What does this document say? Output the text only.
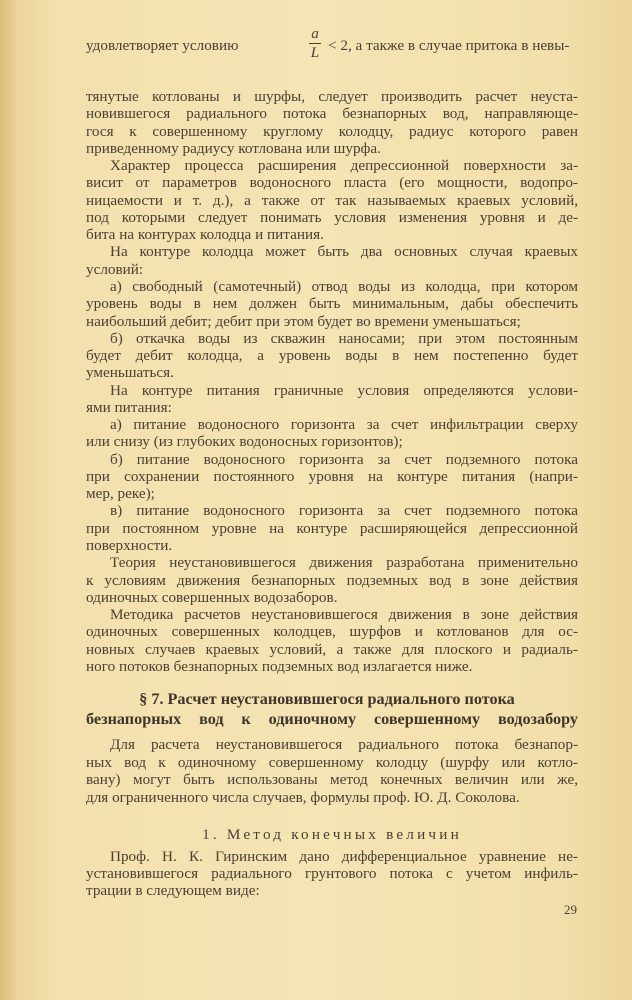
удовлетворяет условию
a
L < 2, а также в случае притока в невы-
тянутые котлованы и шурфы, следует производить расчет неуста-
новившегося радиального потока безнапорных вод, направляюще-
гося к совершенному круглому колодцу, радиус которого равен
приведенному радиусу котлована или шурфа.
Характер процесса расширения депрессионной поверхности за-
висит от параметров водоносного пласта (его мощности, водопро-
ницаемости и т. д.), а также от так называемых краевых условий,
под которыми следует понимать условия изменения уровня и де-
бита на контурах колодца и питания.
На контуре колодца может быть два основных случая краевых
условий:
а) свободный (самотечный) отвод воды из колодца, при котором
уровень воды в нем должен быть минимальным, дабы обеспечить
наибольший дебит; дебит при этом будет во времени уменьшаться;
б) откачка воды из скважин наносами; при этом постоянным
будет дебит колодца, а уровень воды в нем постепенно будет
уменьшаться.
На контуре питания граничные условия определяются услови-
ями питания:
а) питание водоносного горизонта за счет инфильтрации сверху
или снизу (из глубоких водоносных горизонтов);
б) питание водоносного горизонта за счет подземного потока
при сохранении постоянного уровня на контуре питания (напри-
мер, реке);
в) питание водоносного горизонта за счет подземного потока
при постоянном уровне на контуре расширяющейся депрессионной
поверхности.
Теория неустановившегося движения разработана применительно
к условиям движения безнапорных подземных вод в зоне действия
одиночных совершенных водозаборов.
Методика расчетов неустановившегося движения в зоне действия
одиночных совершенных колодцев, шурфов и котлованов для ос-
новных случаев краевых условий, а также для плоского и радиаль-
ного потоков безнапорных подземных вод излагается ниже.
§ 7. Расчет неустановившегося радиального потока
безнапорных вод к одиночному совершенному водозабору
Для расчета неустановившегося радиального потока безнапор-
ных вод к одиночному совершенному колодцу (шурфу или котло-
вану) могут быть использованы метод конечных величин или же,
для ограниченного числа случаев, формулы проф. Ю. Д. Соколова.
1. Метод конечных величин
Проф. Н. К. Гиринским дано дифференциальное уравнение не-
установившегося радиального грунтового потока с учетом инфиль-
трации в следующем виде:
29
